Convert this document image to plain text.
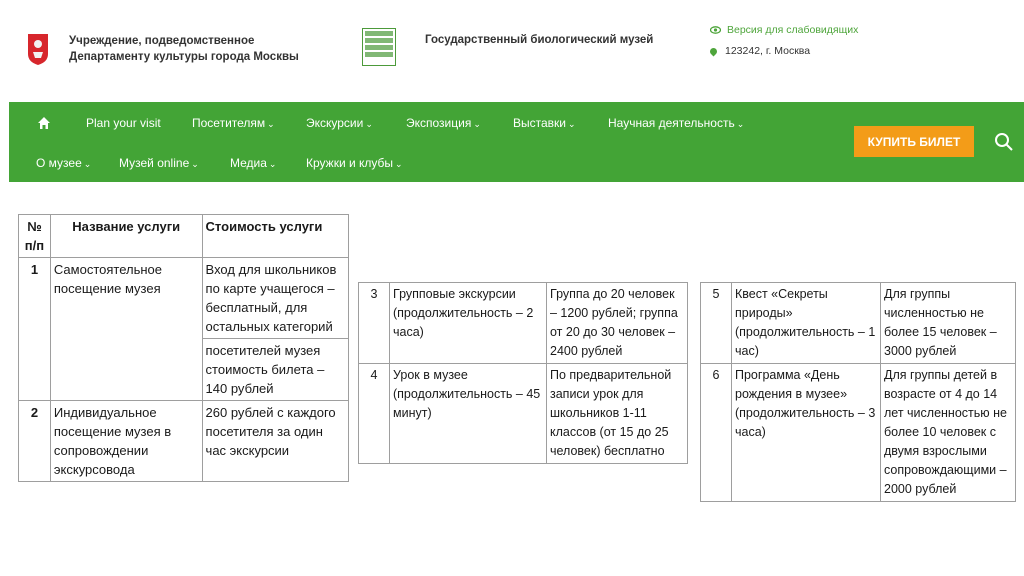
Учреждение, подведомственное
Департаменту культуры города Москвы
Государственный биологический музей
Версия для слабовидящих
123242, г. Москва
Plan your visit	Посетителям ⌄	Экскурсии ⌄	Экспозиция ⌄	Выставки ⌄	Научная деятельность ⌄
О музее ⌄ Музей online ⌄	Медиа ⌄ Кружки и клубы ⌄
КУПИТЬ БИЛЕТ
№ п/п	Название услуги	Стоимость услуги
1	Самостоятельное посещение музея	Вход для школьников по карте учащегося – бесплатный, для остальных категорий
		посетителей музея стоимость билета – 140 рублей
2	Индивидуальное посещение музея в сопровождении экскурсовода	260 рублей с каждого посетителя за один час экскурсии
3	Групповые экскурсии (продолжительность – 2 часа)	Группа до 20 человек – 1200 рублей; группа от 20 до 30 человек – 2400 рублей
4	Урок в музее (продолжительность – 45 минут)	По предварительной записи урок для школьников 1-11 классов (от 15 до 25 человек) бесплатно
5	Квест «Секреты природы» (продолжительность – 1 час)	Для группы численностью не более 15 человек – 3000 рублей
6	Программа «День рождения в музее» (продолжительность – 3 часа)	Для группы детей в возрасте от 4 до 14 лет численностью не более 10 человек с двумя взрослыми сопровождающими – 2000 рублей
